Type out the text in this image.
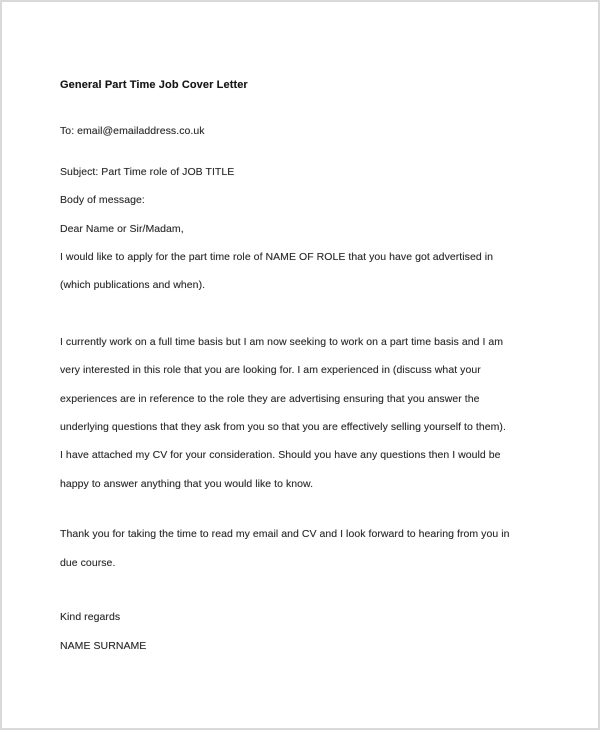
General Part Time Job Cover Letter
To: email@emailaddress.co.uk
Subject: Part Time role of JOB TITLE
Body of message:
Dear Name or Sir/Madam,
I would like to apply for the part time role of NAME OF ROLE that you have got advertised in
(which publications and when).
I currently work on a full time basis but I am now seeking to work on a part time basis and I am
very interested in this role that you are looking for. I am experienced in (discuss what your
experiences are in reference to the role they are advertising ensuring that you answer the
underlying questions that they ask from you so that you are effectively selling yourself to them).
I have attached my CV for your consideration. Should you have any questions then I would be
happy to answer anything that you would like to know.
Thank you for taking the time to read my email and CV and I look forward to hearing from you in
due course.
Kind regards
NAME SURNAME
